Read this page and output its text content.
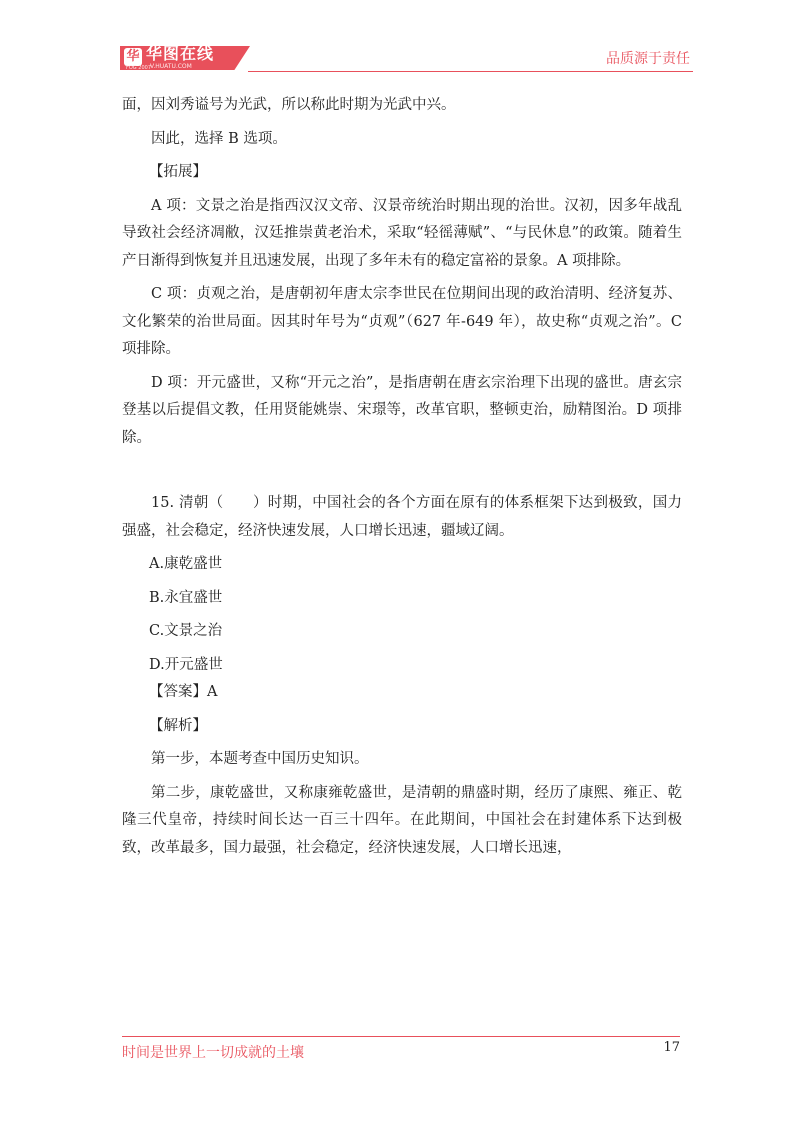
华 华图在线
V.HUATU.COM
FOG 2007
品质源于责任

面，因刘秀谥号为光武，所以称此时期为光武中兴。

因此，选择 B 选项。

【拓展】

A 项：文景之治是指西汉汉文帝、汉景帝统治时期出现的治世。汉初，因多年战乱导致社会经济凋敝，汉廷推崇黄老治术，采取“轻徭薄赋”、“与民休息”的政策。随着生产日渐得到恢复并且迅速发展，出现了多年未有的稳定富裕的景象。A 项排除。

C 项：贞观之治，是唐朝初年唐太宗李世民在位期间出现的政治清明、经济复苏、文化繁荣的治世局面。因其时年号为“贞观”（627 年-649 年），故史称“贞观之治”。C 项排除。

D 项：开元盛世，又称“开元之治”，是指唐朝在唐玄宗治理下出现的盛世。唐玄宗登基以后提倡文教，任用贤能姚崇、宋璟等，改革官职，整顿吏治，励精图治。D 项排除。

15. 清朝（　　）时期，中国社会的各个方面在原有的体系框架下达到极致，国力强盛，社会稳定，经济快速发展，人口增长迅速，疆域辽阔。

A.康乾盛世

B.永宜盛世

C.文景之治

D.开元盛世

【答案】A

【解析】

第一步，本题考查中国历史知识。

第二步，康乾盛世，又称康雍乾盛世，是清朝的鼎盛时期，经历了康熙、雍正、乾隆三代皇帝，持续时间长达一百三十四年。在此期间，中国社会在封建体系下达到极致，改革最多，国力最强，社会稳定，经济快速发展，人口增长迅速，

时间是世界上一切成就的土壤	17
